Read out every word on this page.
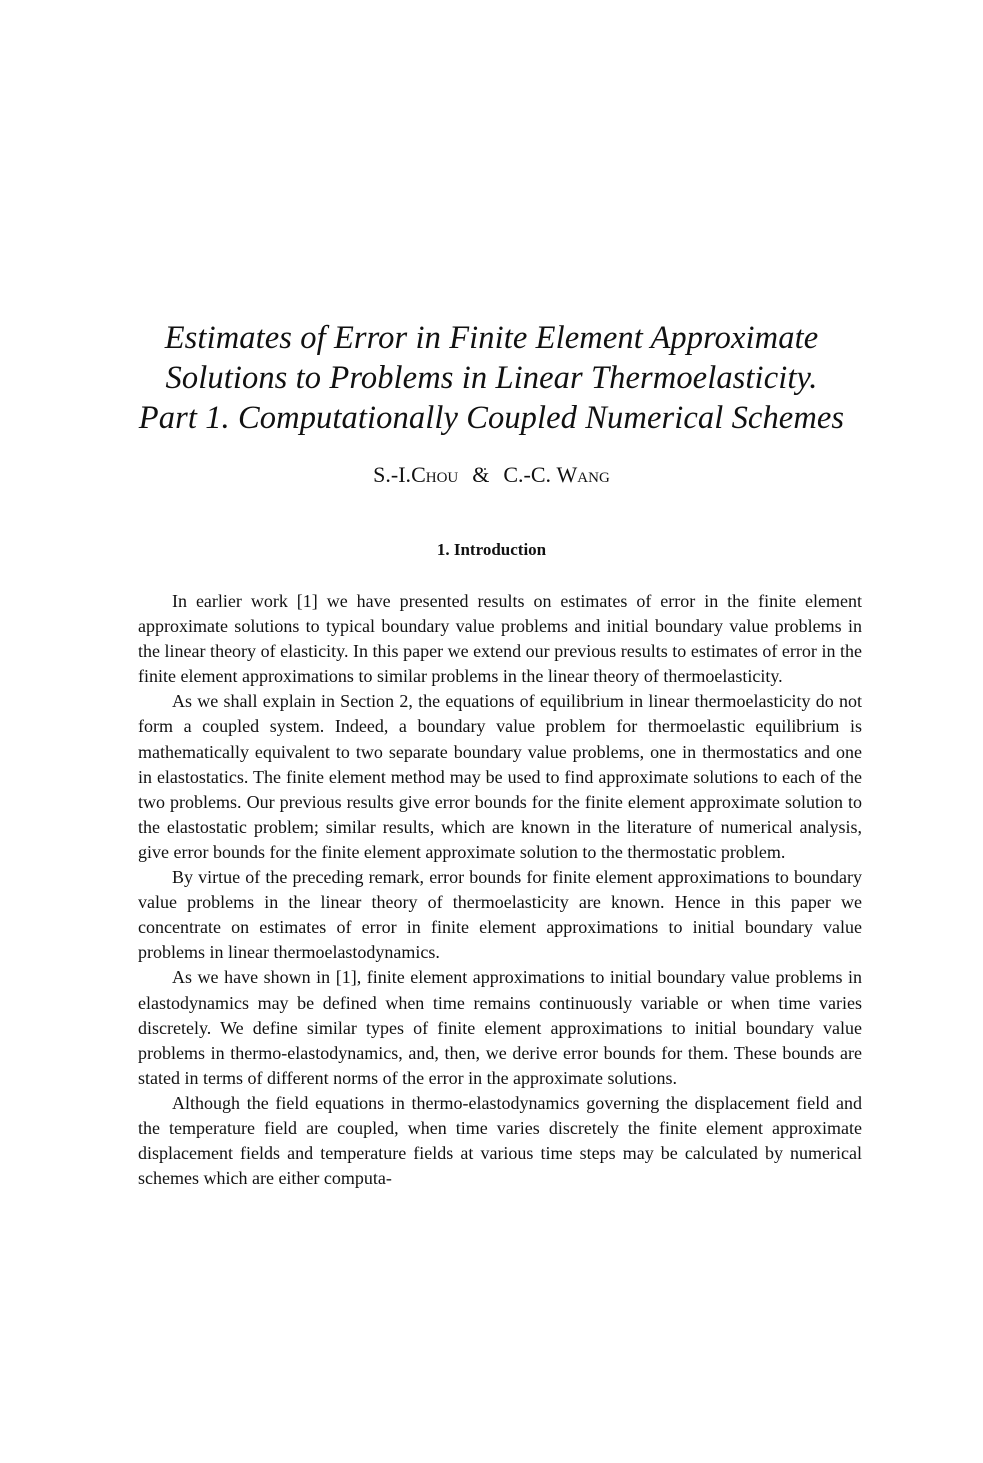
Estimates of Error in Finite Element Approximate
Solutions to Problems in Linear Thermoelasticity.
Part 1. Computationally Coupled Numerical Schemes
S.-I.Chou & C.-C. Wang
1. Introduction

In earlier work [1] we have presented results on estimates of error in the finite element approximate solutions to typical boundary value problems and initial boundary value problems in the linear theory of elasticity. In this paper we extend our previous results to estimates of error in the finite element approximations to similar problems in the linear theory of thermoelasticity.

As we shall explain in Section 2, the equations of equilibrium in linear thermoelasticity do not form a coupled system. Indeed, a boundary value problem for thermoelastic equilibrium is mathematically equivalent to two separate boundary value problems, one in thermostatics and one in elastostatics. The finite element method may be used to find approximate solutions to each of the two problems. Our previous results give error bounds for the finite element approximate solution to the elastostatic problem; similar results, which are known in the literature of numerical analysis, give error bounds for the finite element approximate solution to the thermostatic problem.

By virtue of the preceding remark, error bounds for finite element approximations to boundary value problems in the linear theory of thermoelasticity are known. Hence in this paper we concentrate on estimates of error in finite element approximations to initial boundary value problems in linear thermoelastodynamics.

As we have shown in [1], finite element approximations to initial boundary value problems in elastodynamics may be defined when time remains continuously variable or when time varies discretely. We define similar types of finite element approximations to initial boundary value problems in thermo-elastodynamics, and, then, we derive error bounds for them. These bounds are stated in terms of different norms of the error in the approximate solutions.

Although the field equations in thermo-elastodynamics governing the displacement field and the temperature field are coupled, when time varies discretely the finite element approximate displacement fields and temperature fields at various time steps may be calculated by numerical schemes which are either computa-
